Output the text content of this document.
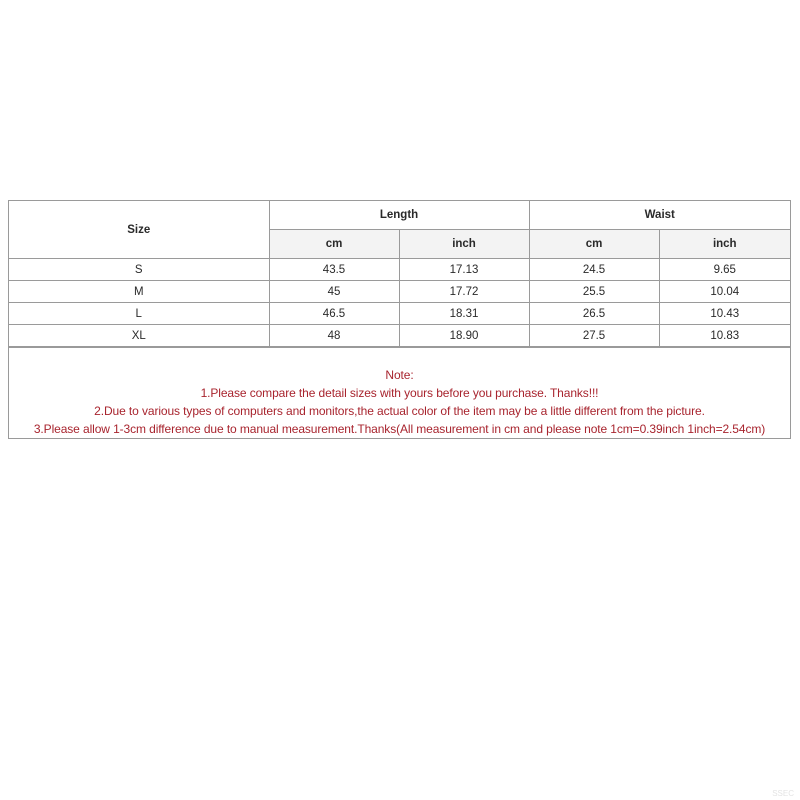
Size	Length		Waist	
	cm	inch	cm	inch
S	43.5	17.13	24.5	9.65
M	45	17.72	25.5	10.04
L	46.5	18.31	26.5	10.43
XL	48	18.90	27.5	10.83
Note:
1.Please compare the detail sizes with yours before you purchase. Thanks!!!
2.Due to various types of computers and monitors,the actual color of the item may be a little different from the picture.
3.Please allow 1-3cm difference due to manual measurement.Thanks(All measurement in cm and please note 1cm=0.39inch 1inch=2.54cm)
SSEC
